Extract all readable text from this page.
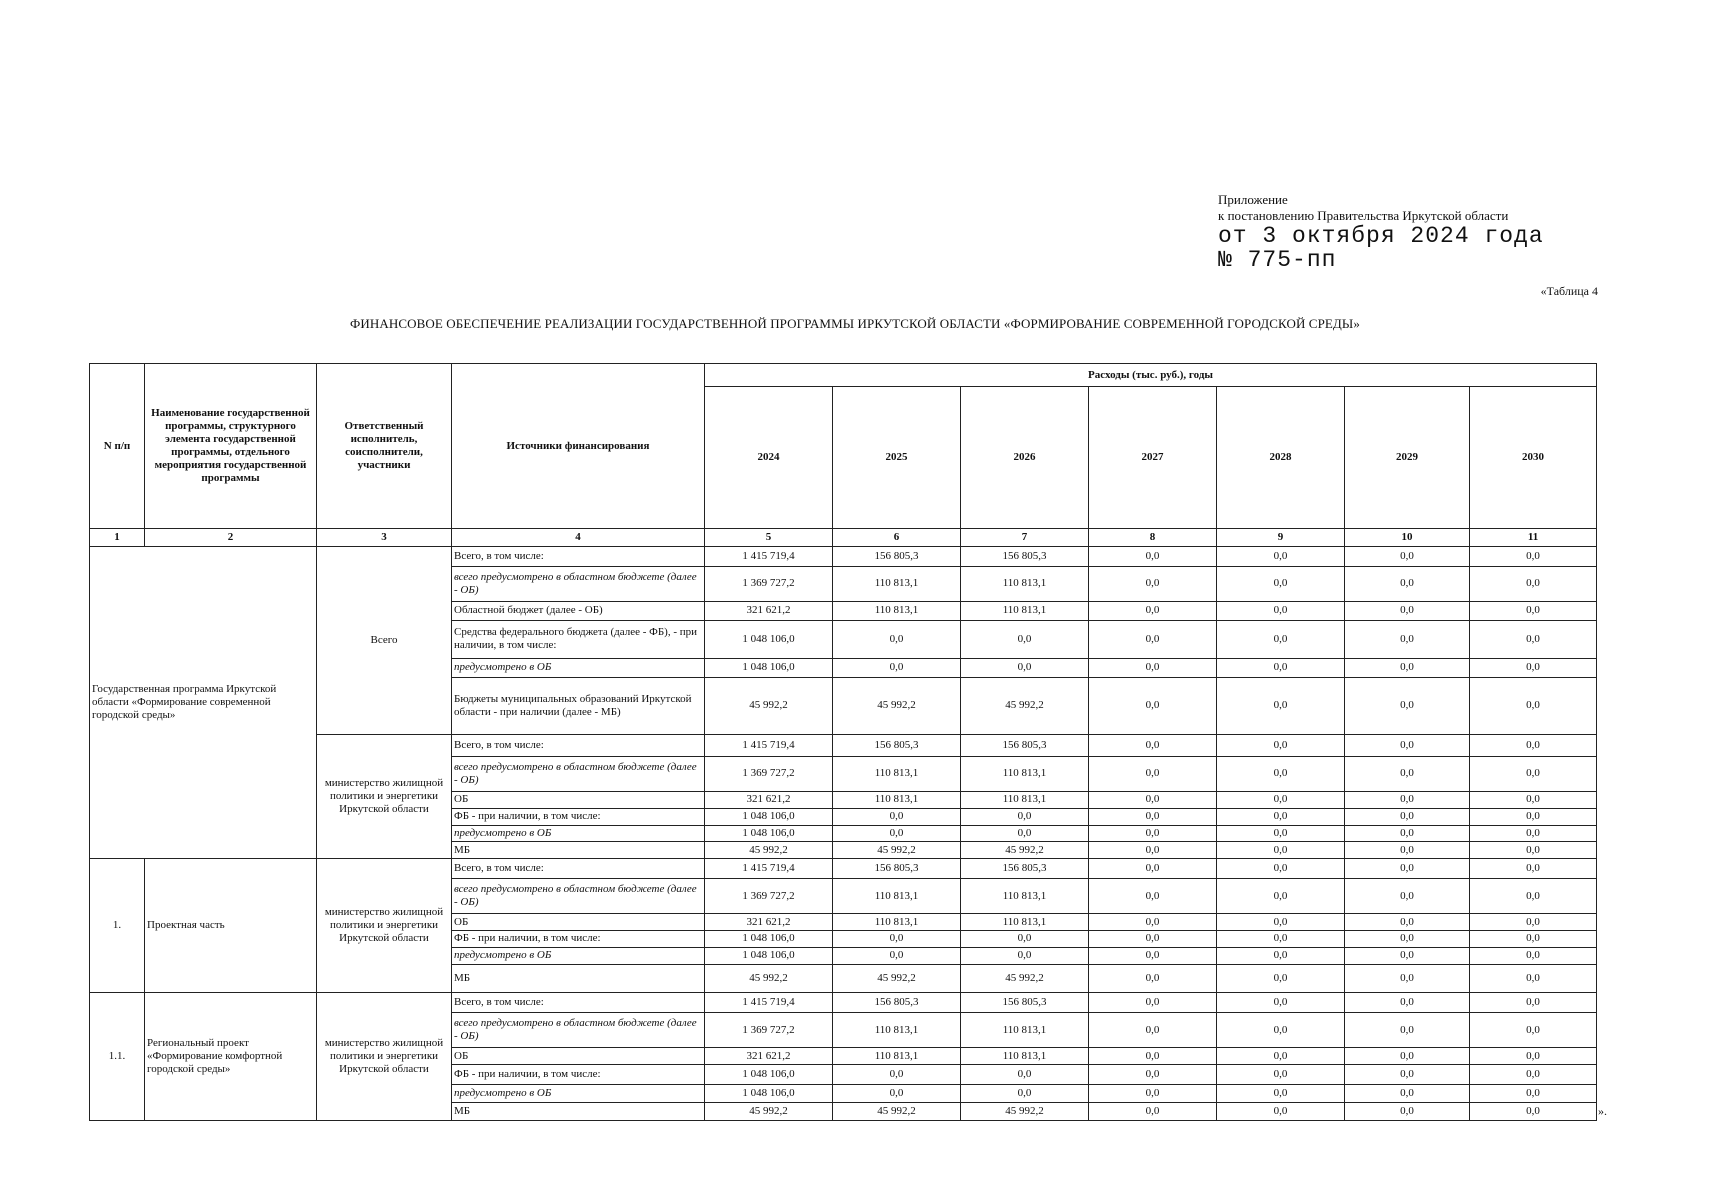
Приложение
к постановлению Правительства Иркутской области
от 3 октября 2024 года
№ 775-пп
«Таблица 4
ФИНАНСОВОЕ ОБЕСПЕЧЕНИЕ РЕАЛИЗАЦИИ ГОСУДАРСТВЕННОЙ ПРОГРАММЫ ИРКУТСКОЙ ОБЛАСТИ «ФОРМИРОВАНИЕ СОВРЕМЕННОЙ ГОРОДСКОЙ СРЕДЫ»
N п/п	Наименование государственной программы, структурного элемента государственной программы, отдельного мероприятия государственной программы	Ответственный исполнитель, соисполнители, участники	Источники финансирования	Расходы (тыс. руб.), годы						
				2024	2025	2026	2027	2028	2029	2030
1	2	3	4	5	6	7	8	9	10	11
Государственная программа Иркутской области «Формирование современной городской среды»		Всего	Всего, в том числе:	1 415 719,4	156 805,3	156 805,3	0,0	0,0	0,0	0,0
			всего предусмотрено в областном бюджете (далее - ОБ)	1 369 727,2	110 813,1	110 813,1	0,0	0,0	0,0	0,0
			Областной бюджет (далее - ОБ)	321 621,2	110 813,1	110 813,1	0,0	0,0	0,0	0,0
			Средства федерального бюджета (далее - ФБ), - при наличии, в том числе:	1 048 106,0	0,0	0,0	0,0	0,0	0,0	0,0
			предусмотрено в ОБ	1 048 106,0	0,0	0,0	0,0	0,0	0,0	0,0
			Бюджеты муниципальных образований Иркутской области - при наличии (далее - МБ)	45 992,2	45 992,2	45 992,2	0,0	0,0	0,0	0,0
		министерство жилищной политики и энергетики Иркутской области	Всего, в том числе:	1 415 719,4	156 805,3	156 805,3	0,0	0,0	0,0	0,0
			всего предусмотрено в областном бюджете (далее - ОБ)	1 369 727,2	110 813,1	110 813,1	0,0	0,0	0,0	0,0
			ОБ	321 621,2	110 813,1	110 813,1	0,0	0,0	0,0	0,0
			ФБ - при наличии, в том числе:	1 048 106,0	0,0	0,0	0,0	0,0	0,0	0,0
			предусмотрено в ОБ	1 048 106,0	0,0	0,0	0,0	0,0	0,0	0,0
			МБ	45 992,2	45 992,2	45 992,2	0,0	0,0	0,0	0,0
1.	Проектная часть	министерство жилищной политики и энергетики Иркутской области	Всего, в том числе:	1 415 719,4	156 805,3	156 805,3	0,0	0,0	0,0	0,0
			всего предусмотрено в областном бюджете (далее - ОБ)	1 369 727,2	110 813,1	110 813,1	0,0	0,0	0,0	0,0
			ОБ	321 621,2	110 813,1	110 813,1	0,0	0,0	0,0	0,0
			ФБ - при наличии, в том числе:	1 048 106,0	0,0	0,0	0,0	0,0	0,0	0,0
			предусмотрено в ОБ	1 048 106,0	0,0	0,0	0,0	0,0	0,0	0,0
			МБ	45 992,2	45 992,2	45 992,2	0,0	0,0	0,0	0,0
1.1.	Региональный проект «Формирование комфортной городской среды»	министерство жилищной политики и энергетики Иркутской области	Всего, в том числе:	1 415 719,4	156 805,3	156 805,3	0,0	0,0	0,0	0,0
			всего предусмотрено в областном бюджете (далее - ОБ)	1 369 727,2	110 813,1	110 813,1	0,0	0,0	0,0	0,0
			ОБ	321 621,2	110 813,1	110 813,1	0,0	0,0	0,0	0,0
			ФБ - при наличии, в том числе:	1 048 106,0	0,0	0,0	0,0	0,0	0,0	0,0
			предусмотрено в ОБ	1 048 106,0	0,0	0,0	0,0	0,0	0,0	0,0
			МБ	45 992,2	45 992,2	45 992,2	0,0	0,0	0,0	0,0	».
